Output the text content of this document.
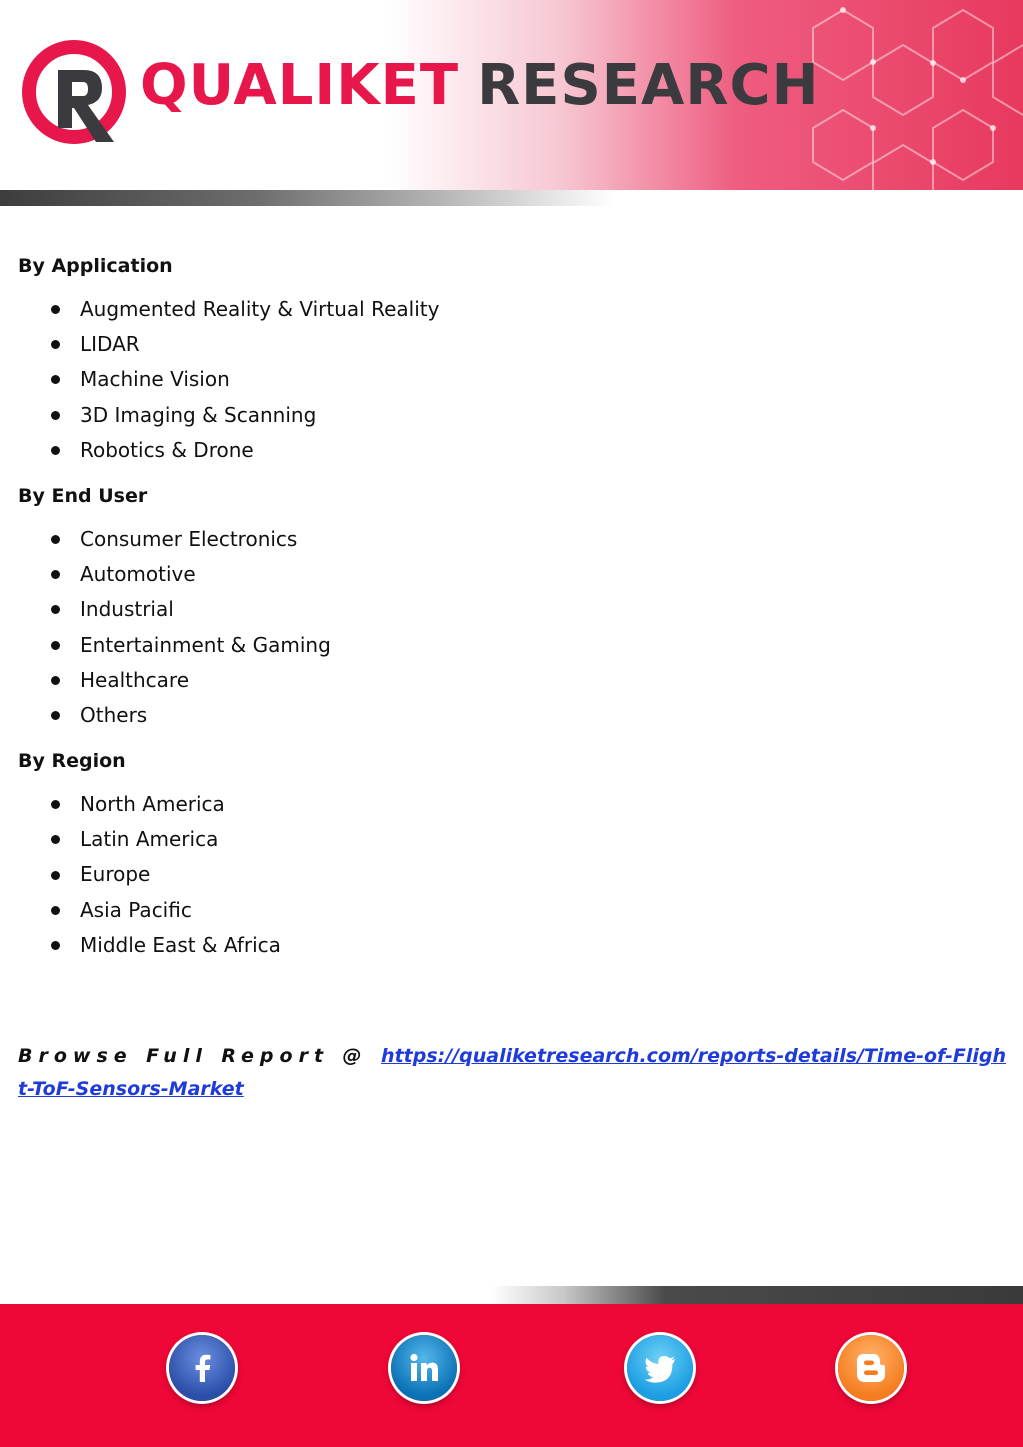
QUALIKET RESEARCH
By Application
Augmented Reality & Virtual Reality
LIDAR
Machine Vision
3D Imaging & Scanning
Robotics & Drone
By End User
Consumer Electronics
Automotive
Industrial
Entertainment & Gaming
Healthcare
Others
By Region
North America
Latin America
Europe
Asia Pacific
Middle East & Africa
Browse Full Report @ https://qualiketresearch.com/reports-details/Time-of-Flight-ToF-Sensors-Market
